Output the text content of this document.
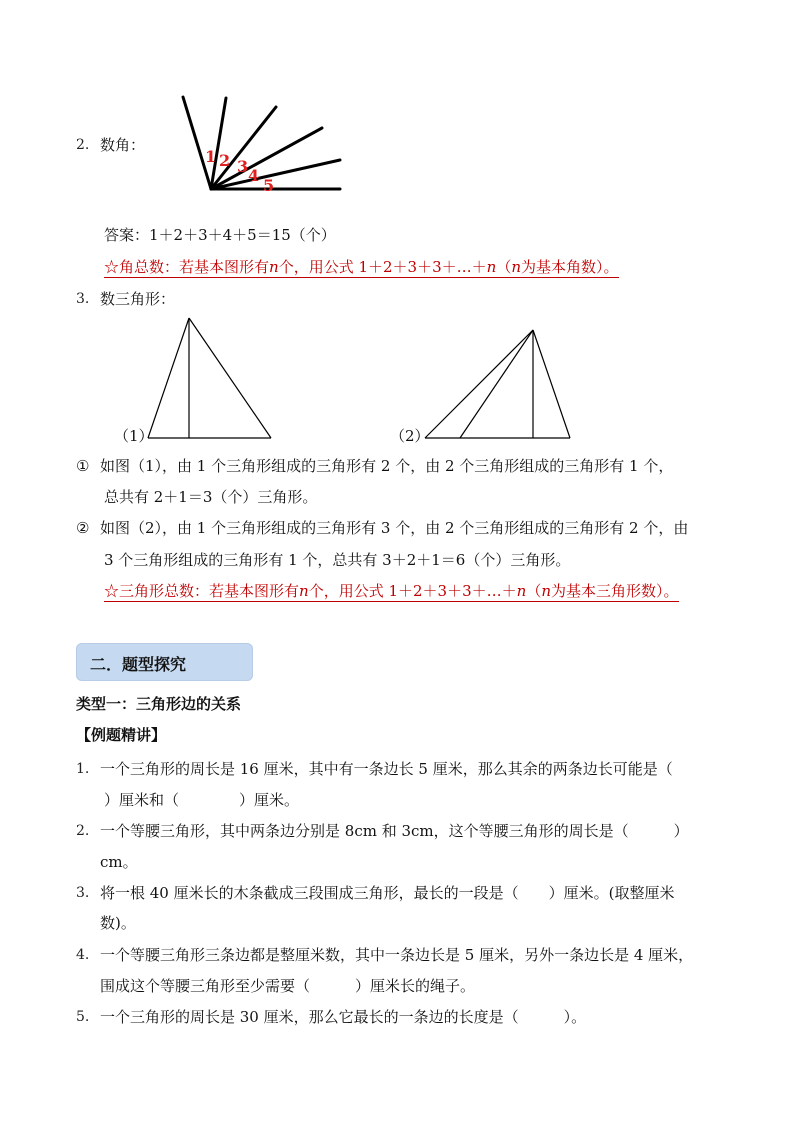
2. 数角：
1 2 3 4
5
答案：1＋2＋3＋4＋5＝15（个）
☆角总数：若基本图形有n个，用公式 1＋2＋3＋3＋…＋n（n为基本角数）。
3. 数三角形：
（1）	（2）
① 如图（1），由 1 个三角形组成的三角形有 2 个，由 2 个三角形组成的三角形有 1 个，
总共有 2＋1＝3（个）三角形。
② 如图（2），由 1 个三角形组成的三角形有 3 个，由 2 个三角形组成的三角形有 2 个，由
3 个三角形组成的三角形有 1 个，总共有 3＋2＋1＝6（个）三角形。
☆三角形总数：若基本图形有n个，用公式 1＋2＋3＋3＋…＋n（n为基本三角形数）。
二．题型探究
类型一：三角形边的关系
【例题精讲】
1. 一个三角形的周长是 16 厘米，其中有一条边长 5 厘米，那么其余的两条边长可能是（
）厘米和（　　　　）厘米。
2. 一个等腰三角形，其中两条边分别是 8cm 和 3cm，这个等腰三角形的周长是（　　　）
cm。
3. 将一根 40 厘米长的木条截成三段围成三角形，最长的一段是（　　）厘米。(取整厘米
数)。
4. 一个等腰三角形三条边都是整厘米数，其中一条边长是 5 厘米，另外一条边长是 4 厘米，
围成这个等腰三角形至少需要（　　　）厘米长的绳子。
5. 一个三角形的周长是 30 厘米，那么它最长的一条边的长度是（　　　）。
